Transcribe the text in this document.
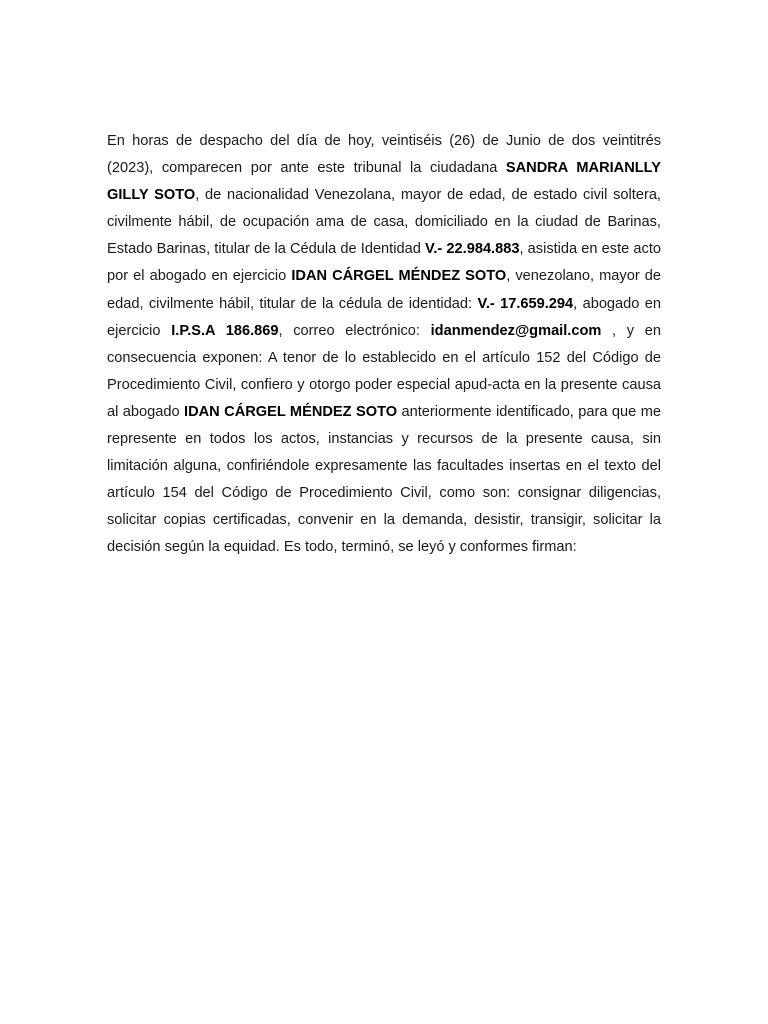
En horas de despacho del día de hoy, veintiséis (26) de Junio de dos veintitrés (2023), comparecen por ante este tribunal la ciudadana SANDRA MARIANLLY GILLY SOTO, de nacionalidad Venezolana, mayor de edad, de estado civil soltera, civilmente hábil, de ocupación ama de casa, domiciliado en la ciudad de Barinas, Estado Barinas, titular de la Cédula de Identidad V.- 22.984.883, asistida en este acto por el abogado en ejercicio IDAN CÁRGEL MÉNDEZ SOTO, venezolano, mayor de edad, civilmente hábil, titular de la cédula de identidad: V.- 17.659.294, abogado en ejercicio I.P.S.A 186.869, correo electrónico: idanmendez@gmail.com , y en consecuencia exponen: A tenor de lo establecido en el artículo 152 del Código de Procedimiento Civil, confiero y otorgo poder especial apud-acta en la presente causa al abogado IDAN CÁRGEL MÉNDEZ SOTO anteriormente identificado, para que me represente en todos los actos, instancias y recursos de la presente causa, sin limitación alguna, confiriéndole expresamente las facultades insertas en el texto del artículo 154 del Código de Procedimiento Civil, como son: consignar diligencias, solicitar copias certificadas, convenir en la demanda, desistir, transigir, solicitar la decisión según la equidad. Es todo, terminó, se leyó y conformes firman:
